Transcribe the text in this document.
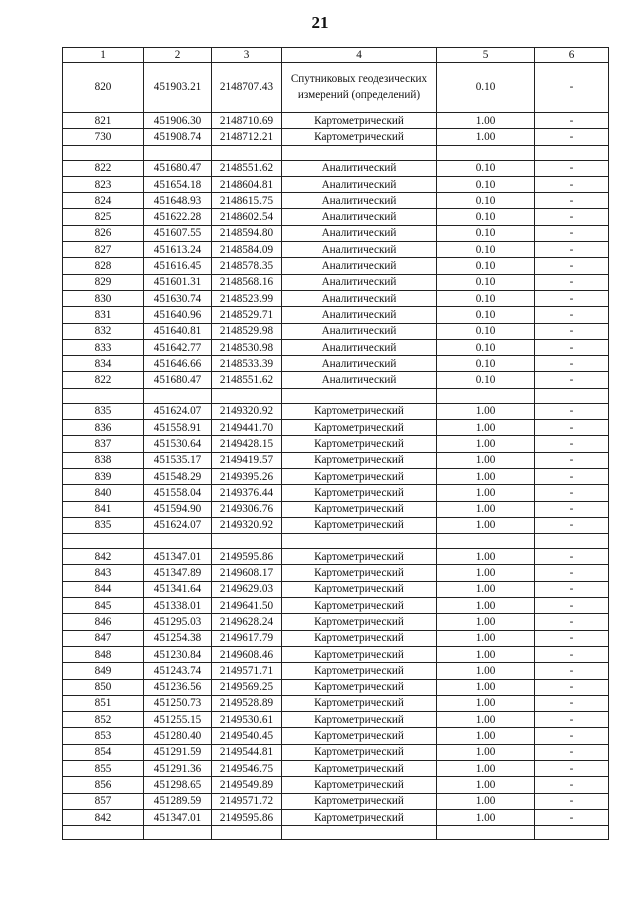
21
1	2	3	4	5	6
820	451903.21	2148707.43	Спутниковых геодезических измерений (определений)	0.10	-
821	451906.30	2148710.69	Картометрический	1.00	-
730	451908.74	2148712.21	Картометрический	1.00	-

822	451680.47	2148551.62	Аналитический	0.10	-
823	451654.18	2148604.81	Аналитический	0.10	-
824	451648.93	2148615.75	Аналитический	0.10	-
825	451622.28	2148602.54	Аналитический	0.10	-
826	451607.55	2148594.80	Аналитический	0.10	-
827	451613.24	2148584.09	Аналитический	0.10	-
828	451616.45	2148578.35	Аналитический	0.10	-
829	451601.31	2148568.16	Аналитический	0.10	-
830	451630.74	2148523.99	Аналитический	0.10	-
831	451640.96	2148529.71	Аналитический	0.10	-
832	451640.81	2148529.98	Аналитический	0.10	-
833	451642.77	2148530.98	Аналитический	0.10	-
834	451646.66	2148533.39	Аналитический	0.10	-
822	451680.47	2148551.62	Аналитический	0.10	-

835	451624.07	2149320.92	Картометрический	1.00	-
836	451558.91	2149441.70	Картометрический	1.00	-
837	451530.64	2149428.15	Картометрический	1.00	-
838	451535.17	2149419.57	Картометрический	1.00	-
839	451548.29	2149395.26	Картометрический	1.00	-
840	451558.04	2149376.44	Картометрический	1.00	-
841	451594.90	2149306.76	Картометрический	1.00	-
835	451624.07	2149320.92	Картометрический	1.00	-

842	451347.01	2149595.86	Картометрический	1.00	-
843	451347.89	2149608.17	Картометрический	1.00	-
844	451341.64	2149629.03	Картометрический	1.00	-
845	451338.01	2149641.50	Картометрический	1.00	-
846	451295.03	2149628.24	Картометрический	1.00	-
847	451254.38	2149617.79	Картометрический	1.00	-
848	451230.84	2149608.46	Картометрический	1.00	-
849	451243.74	2149571.71	Картометрический	1.00	-
850	451236.56	2149569.25	Картометрический	1.00	-
851	451250.73	2149528.89	Картометрический	1.00	-
852	451255.15	2149530.61	Картометрический	1.00	-
853	451280.40	2149540.45	Картометрический	1.00	-
854	451291.59	2149544.81	Картометрический	1.00	-
855	451291.36	2149546.75	Картометрический	1.00	-
856	451298.65	2149549.89	Картометрический	1.00	-
857	451289.59	2149571.72	Картометрический	1.00	-
842	451347.01	2149595.86	Картометрический	1.00	-
